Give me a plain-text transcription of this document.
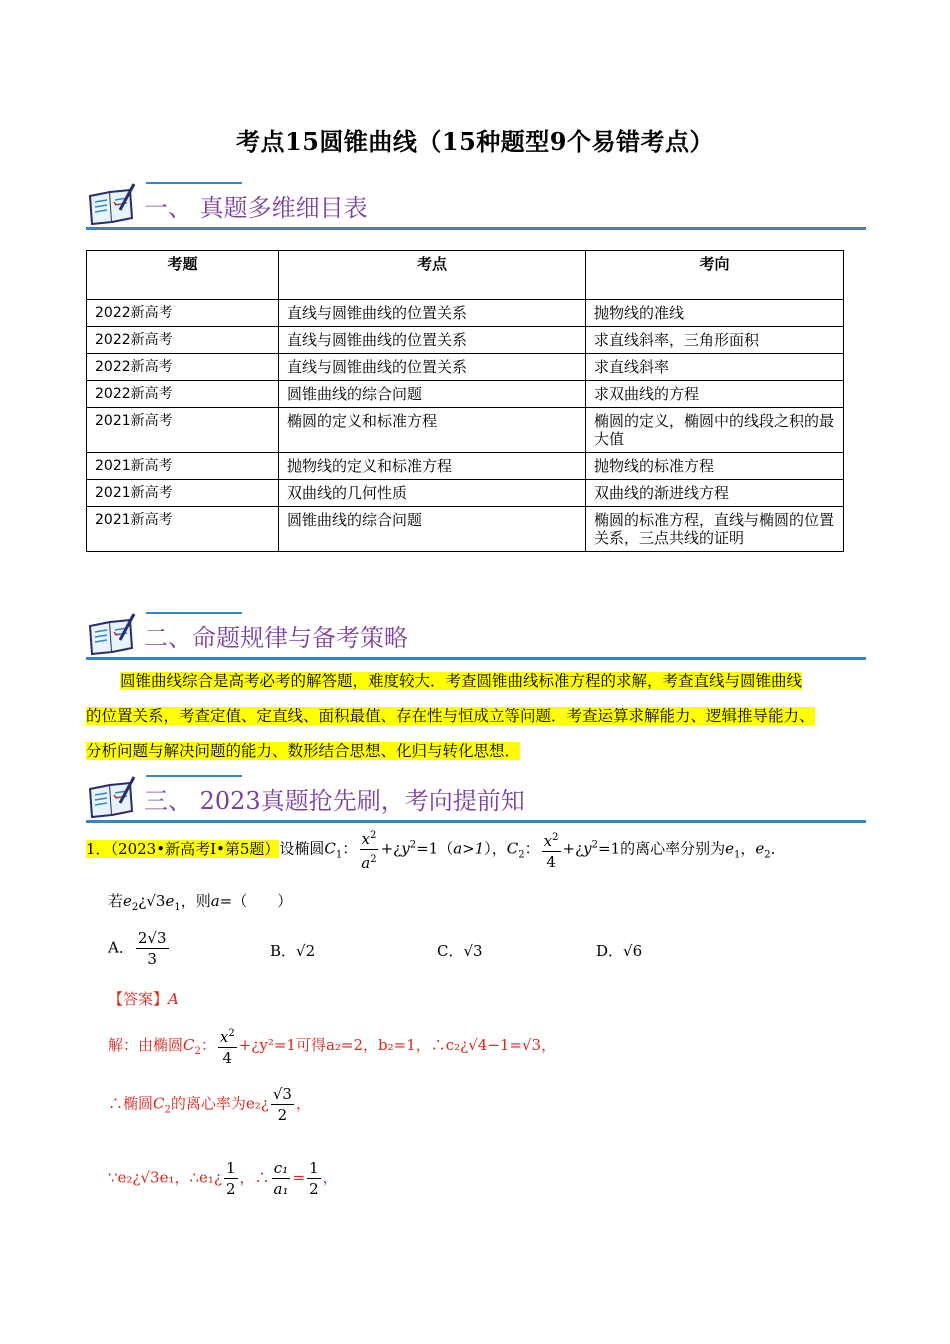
考点15圆锥曲线（15种题型9个易错考点）
一、 真题多维细目表
考题	考点	考向
2022新高考	直线与圆锥曲线的位置关系	抛物线的准线
2022新高考	直线与圆锥曲线的位置关系	求直线斜率，三角形面积
2022新高考	直线与圆锥曲线的位置关系	求直线斜率
2022新高考	圆锥曲线的综合问题	求双曲线的方程
2021新高考	椭圆的定义和标准方程	椭圆的定义，椭圆中的线段之积的最大值
2021新高考	抛物线的定义和标准方程	抛物线的标准方程
2021新高考	双曲线的几何性质	双曲线的渐进线方程
2021新高考	圆锥曲线的综合问题	椭圆的标准方程，直线与椭圆的位置关系，三点共线的证明
二、命题规律与备考策略
圆锥曲线综合是高考必考的解答题，难度较大．考查圆锥曲线标准方程的求解，考查直线与圆锥曲线
的位置关系，考查定值、定直线、面积最值、存在性与恒成立等问题．考查运算求解能力、逻辑推导能力、
分析问题与解决问题的能力、数形结合思想、化归与转化思想．
三、 2023真题抢先刷，考向提前知
1．（2023•新高考Ⅰ•第5题）设椭圆$C_1$： $\frac{x^2}{a^2}$ $+¿y^2=1(a>1)$，$C_2$： $\frac{x^2}{4}$ $+¿y^2=1$的离心率分别为$e_1$，$e_2$．
若$e_2¿√3e_1$，则a=（　　）
A． $\frac{2√3}{3}$	B．√2	C．√3	D．√6
【答案】A
解：由椭圆$C_2$： $\frac{x^2}{4}$ +¿y²=1可得a₂=2，b₂=1，∴c₂¿√4−1=√3，
∴椭圆$C_2$的离心率为e₂¿ $\frac{√3}{2}$ ，
∵e₂¿√3e₁，∴e₁¿ $\frac{1}{2}$ ，∴ $\frac{\text{c₁}}{\text{a₁}} = \frac{1}{2}$ ，
